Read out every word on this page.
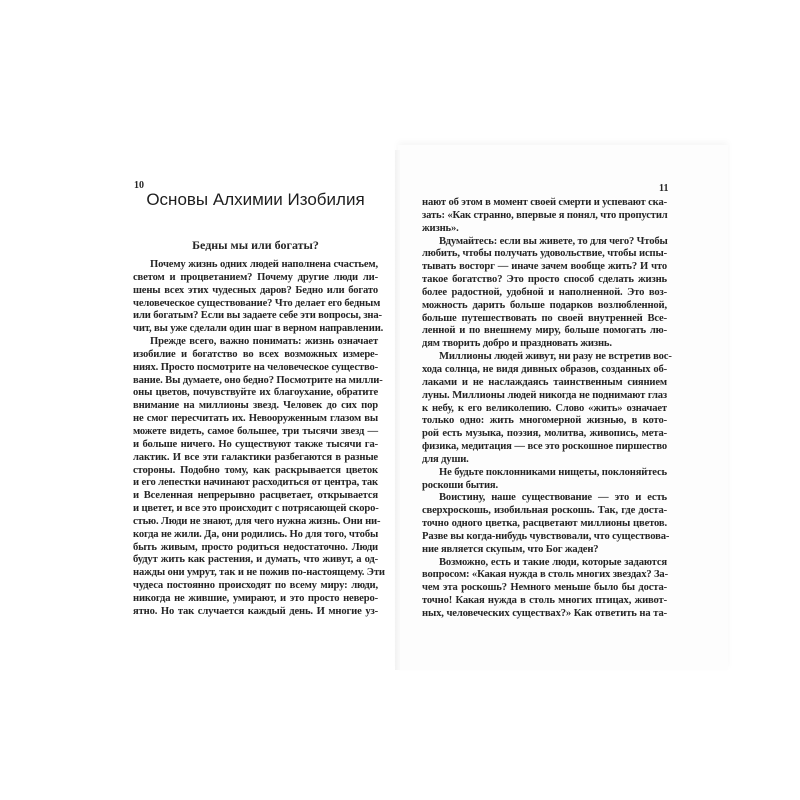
10
Основы Алхимии Изобилия
Бедны мы или богаты?
Почему жизнь одних людей наполнена счастьем,
светом и процветанием? Почему другие люди ли-
шены всех этих чудесных даров? Бедно или богато
человеческое существование? Что делает его бедным
или богатым? Если вы задаете себе эти вопросы, зна-
чит, вы уже сделали один шаг в верном направлении.
Прежде всего, важно понимать: жизнь означает
изобилие и богатство во всех возможных измере-
ниях. Просто посмотрите на человеческое существо-
вание. Вы думаете, оно бедно? Посмотрите на милли-
оны цветов, почувствуйте их благоухание, обратите
внимание на миллионы звезд. Человек до сих пор
не смог пересчитать их. Невооруженным глазом вы
можете видеть, самое большее, три тысячи звезд —
и больше ничего. Но существуют также тысячи га-
лактик. И все эти галактики разбегаются в разные
стороны. Подобно тому, как раскрывается цветок
и его лепестки начинают расходиться от центра, так
и Вселенная непрерывно расцветает, открывается
и цветет, и все это происходит с потрясающей скоро-
стью. Люди не знают, для чего нужна жизнь. Они ни-
когда не жили. Да, они родились. Но для того, чтобы
быть живым, просто родиться недостаточно. Люди
будут жить как растения, и думать, что живут, а од-
нажды они умрут, так и не пожив по-настоящему. Эти
чудеса постоянно происходят по всему миру: люди,
никогда не жившие, умирают, и это просто неверо-
ятно. Но так случается каждый день. И многие уз-
11
нают об этом в момент своей смерти и успевают ска-
зать: «Как странно, впервые я понял, что пропустил
жизнь».
Вдумайтесь: если вы живете, то для чего? Чтобы
любить, чтобы получать удовольствие, чтобы испы-
тывать восторг — иначе зачем вообще жить? И что
такое богатство? Это просто способ сделать жизнь
более радостной, удобной и наполненной. Это воз-
можность дарить больше подарков возлюбленной,
больше путешествовать по своей внутренней Все-
ленной и по внешнему миру, больше помогать лю-
дям творить добро и праздновать жизнь.
Миллионы людей живут, ни разу не встретив вос-
хода солнца, не видя дивных образов, созданных об-
лаками и не наслаждаясь таинственным сиянием
луны. Миллионы людей никогда не поднимают глаз
к небу, к его великолепию. Слово «жить» означает
только одно: жить многомерной жизнью, в кото-
рой есть музыка, поэзия, молитва, живопись, мета-
физика, медитация — все это роскошное пиршество
для души.
Не будьте поклонниками нищеты, поклоняйтесь
роскоши бытия.
Воистину, наше существование — это и есть
сверхроскошь, изобильная роскошь. Так, где доста-
точно одного цветка, расцветают миллионы цветов.
Разве вы когда-нибудь чувствовали, что существова-
ние является скупым, что Бог жаден?
Возможно, есть и такие люди, которые задаются
вопросом: «Какая нужда в столь многих звездах? За-
чем эта роскошь? Немного меньше было бы доста-
точно! Какая нужда в столь многих птицах, живот-
ных, человеческих существах?» Как ответить на та-
